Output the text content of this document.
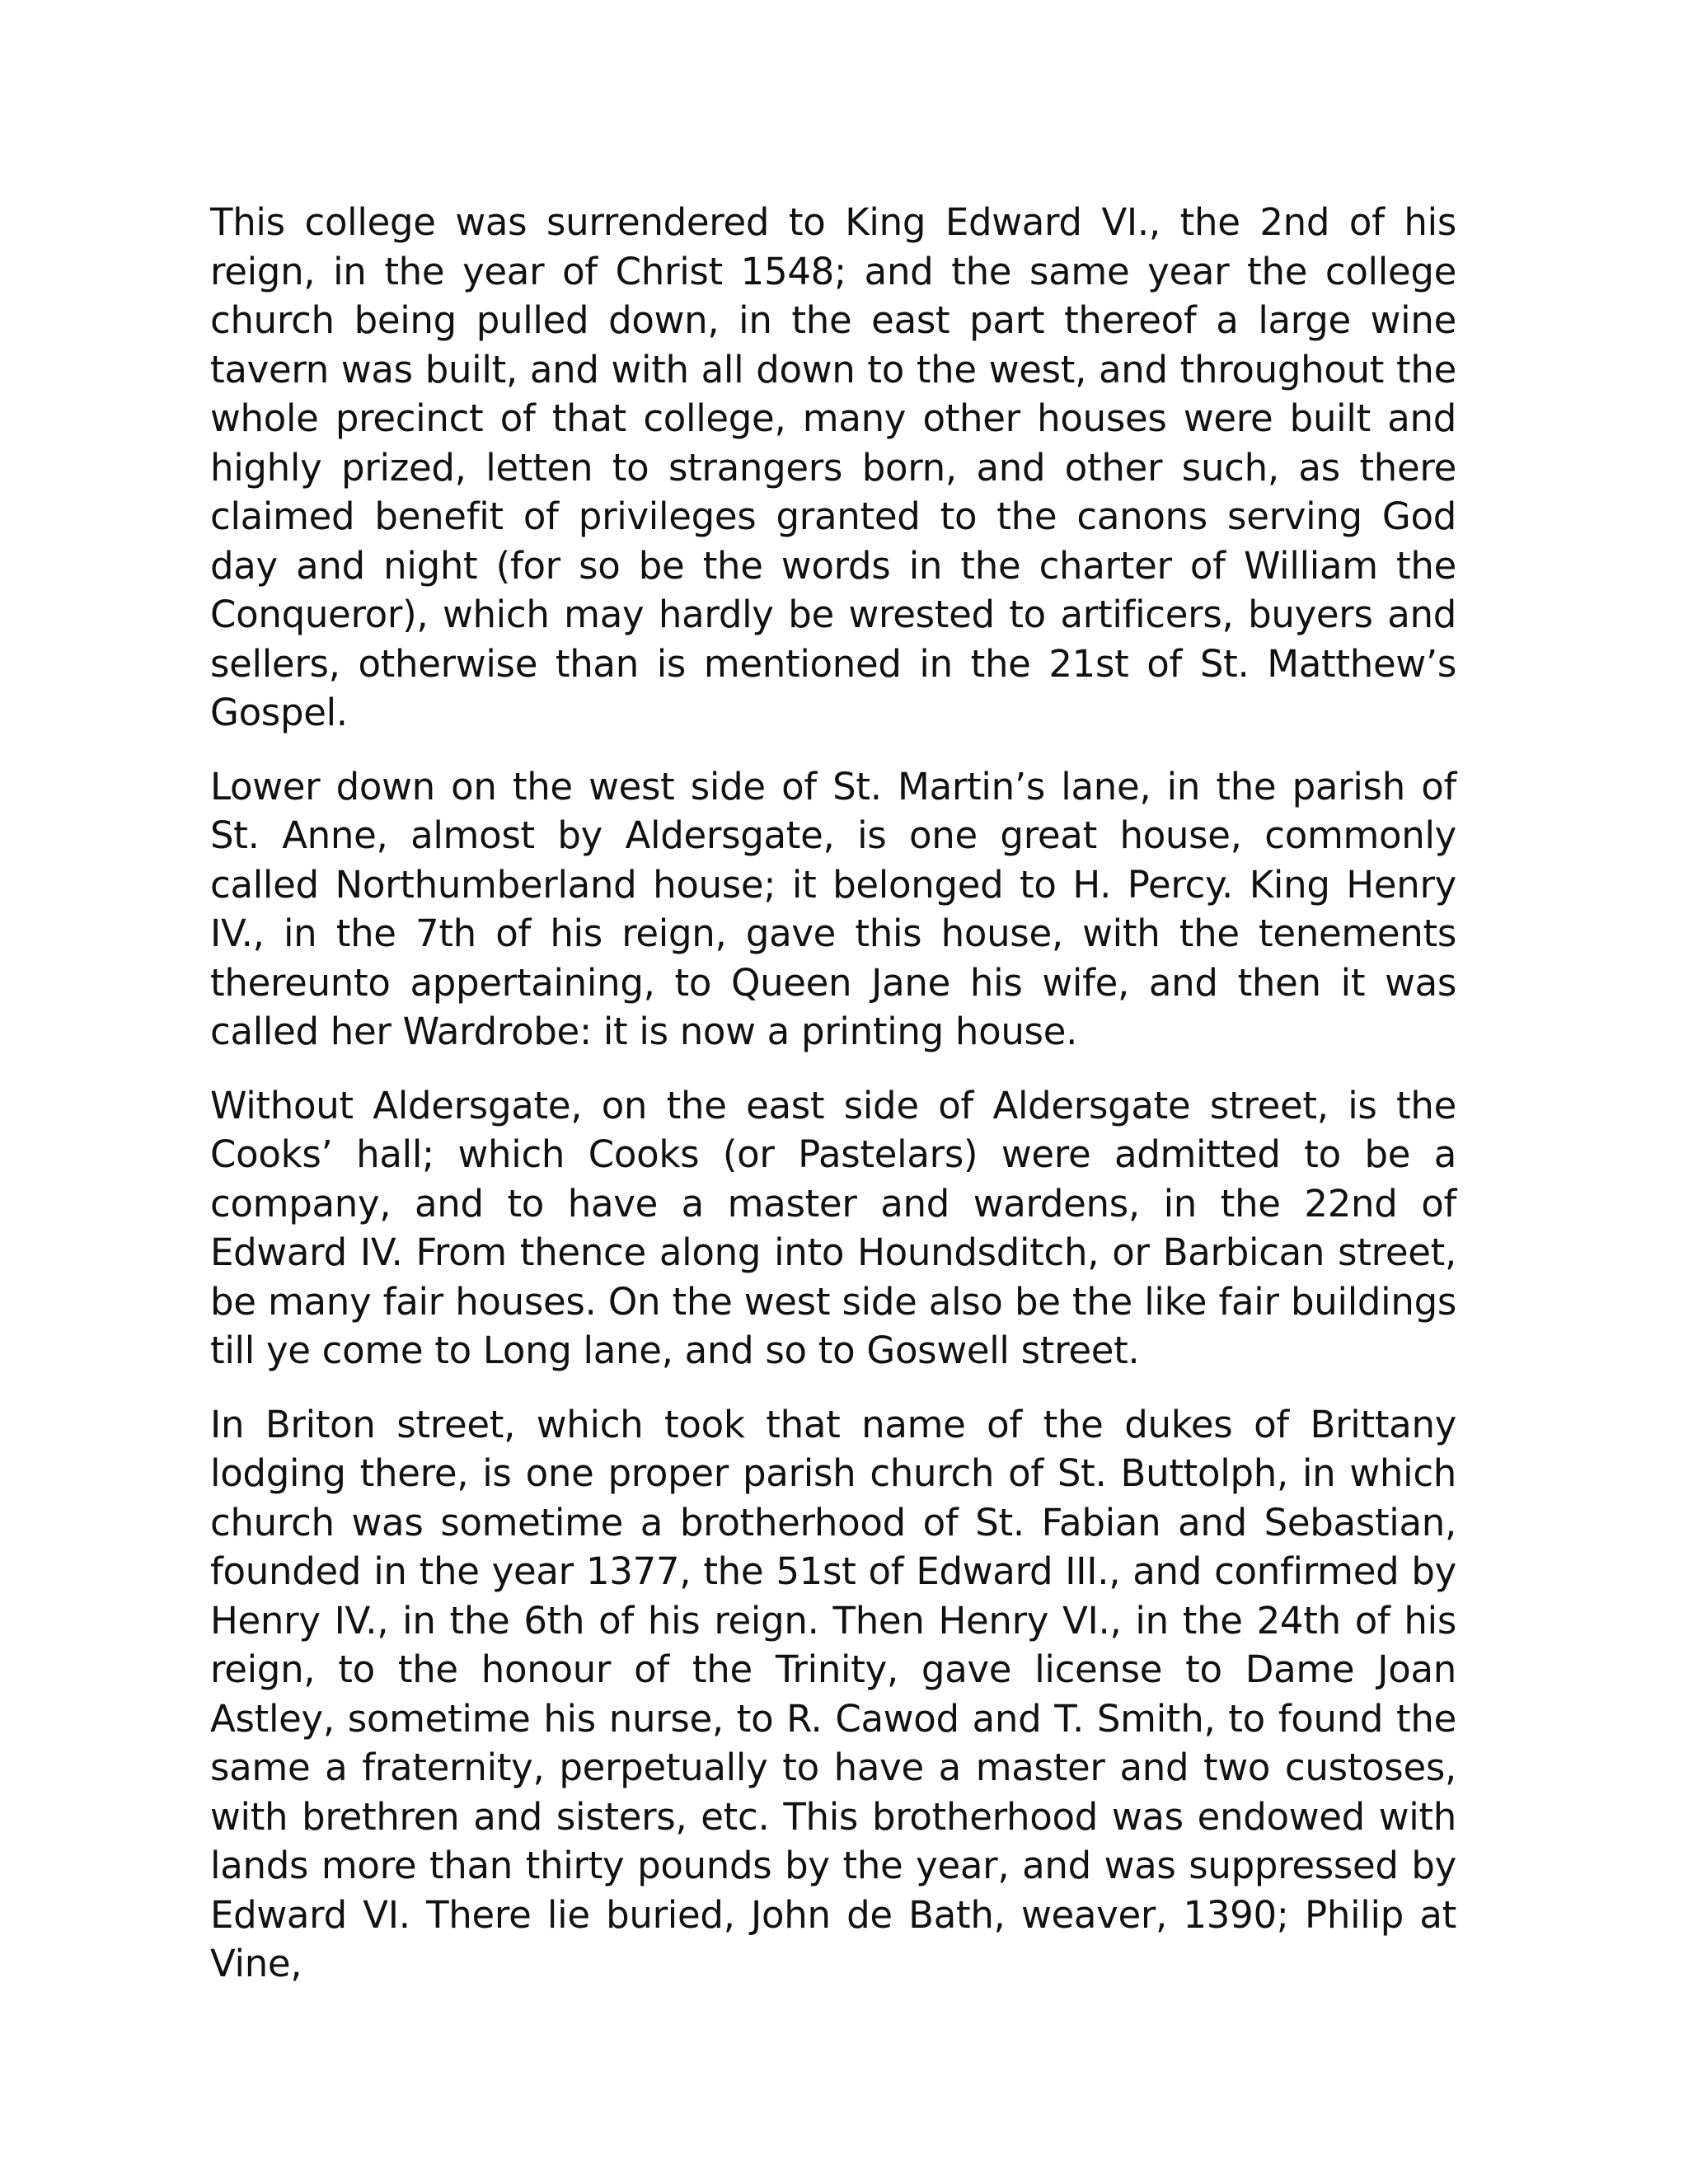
This college was surrendered to King Edward VI., the 2nd of his reign, in the year of Christ 1548; and the same year the college church being pulled down, in the east part thereof a large wine tavern was built, and with all down to the west, and throughout the whole precinct of that college, many other houses were built and highly prized, letten to strangers born, and other such, as there claimed benefit of privileges granted to the canons serving God day and night (for so be the words in the charter of William the Conqueror), which may hardly be wrested to artificers, buyers and sellers, otherwise than is mentioned in the 21st of St. Matthew’s Gospel.

Lower down on the west side of St. Martin’s lane, in the parish of St. Anne, almost by Aldersgate, is one great house, commonly called Northumberland house; it belonged to H. Percy. King Henry IV., in the 7th of his reign, gave this house, with the tenements thereunto appertaining, to Queen Jane his wife, and then it was called her Wardrobe: it is now a printing house.

Without Aldersgate, on the east side of Aldersgate street, is the Cooks’ hall; which Cooks (or Pastelars) were admitted to be a company, and to have a master and wardens, in the 22nd of Edward IV. From thence along into Houndsditch, or Barbican street, be many fair houses. On the west side also be the like fair buildings till ye come to Long lane, and so to Goswell street.

In Briton street, which took that name of the dukes of Brittany lodging there, is one proper parish church of St. Buttolph, in which church was sometime a brotherhood of St. Fabian and Sebastian, founded in the year 1377, the 51st of Edward III., and confirmed by Henry IV., in the 6th of his reign. Then Henry VI., in the 24th of his reign, to the honour of the Trinity, gave license to Dame Joan Astley, sometime his nurse, to R. Cawod and T. Smith, to found the same a fraternity, perpetually to have a master and two custoses, with brethren and sisters, etc. This brotherhood was endowed with lands more than thirty pounds by the year, and was suppressed by Edward VI. There lie buried, John de Bath, weaver, 1390; Philip at Vine,
